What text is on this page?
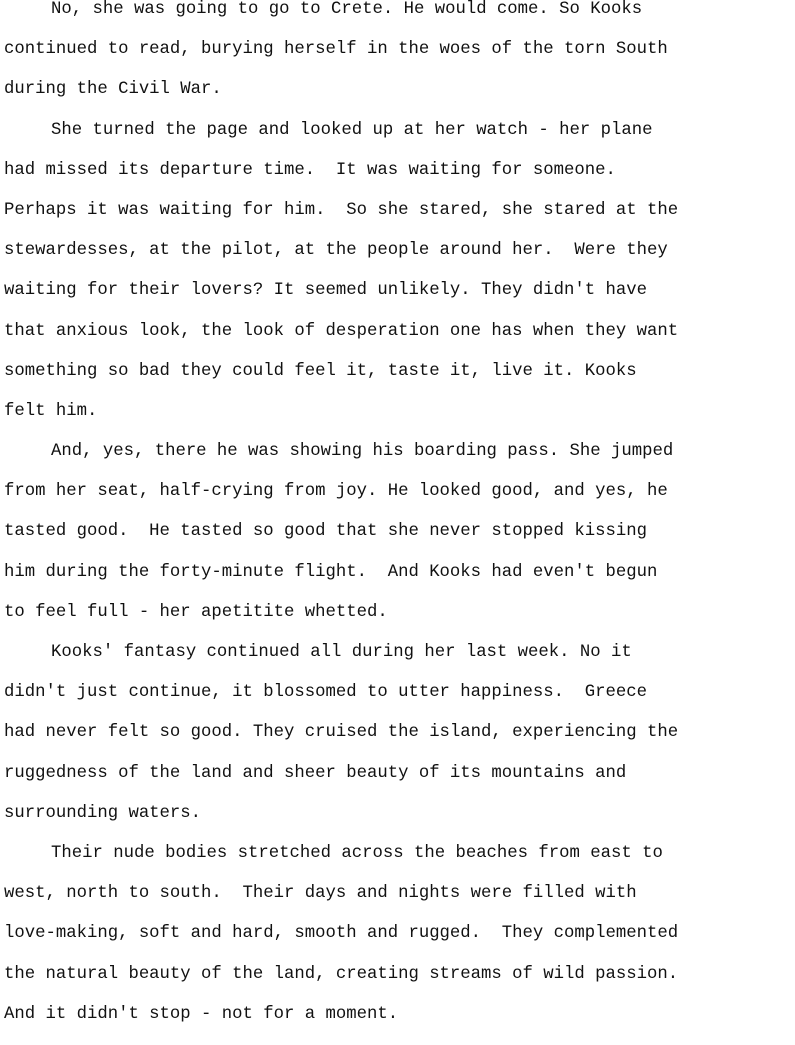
No, she was going to go to Crete. He would come. So Kooks
continued to read, burying herself in the woes of the torn South
during the Civil War.
She turned the page and looked up at her watch - her plane
had missed its departure time.  It was waiting for someone.
Perhaps it was waiting for him.  So she stared, she stared at the
stewardesses, at the pilot, at the people around her.  Were they
waiting for their lovers? It seemed unlikely. They didn't have
that anxious look, the look of desperation one has when they want
something so bad they could feel it, taste it, live it. Kooks
felt him.
And, yes, there he was showing his boarding pass. She jumped
from her seat, half-crying from joy. He looked good, and yes, he
tasted good.  He tasted so good that she never stopped kissing
him during the forty-minute flight.  And Kooks had even't begun
to feel full - her apetitite whetted.
Kooks' fantasy continued all during her last week. No it
didn't just continue, it blossomed to utter happiness.  Greece
had never felt so good. They cruised the island, experiencing the
ruggedness of the land and sheer beauty of its mountains and
surrounding waters.
Their nude bodies stretched across the beaches from east to
west, north to south.  Their days and nights were filled with
love-making, soft and hard, smooth and rugged.  They complemented
the natural beauty of the land, creating streams of wild passion.
And it didn't stop - not for a moment.
